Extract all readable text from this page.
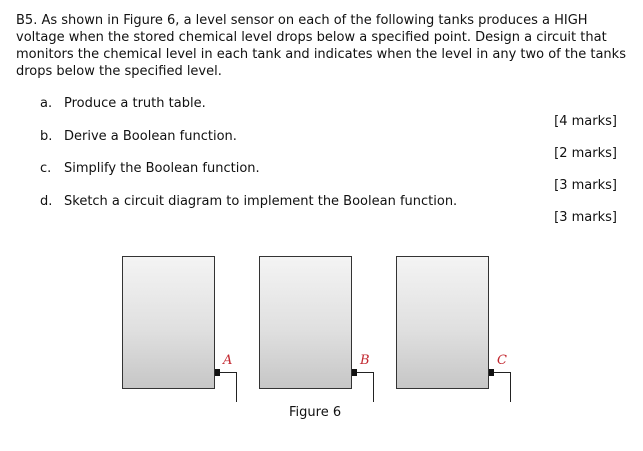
B5. As shown in Figure 6, a level sensor on each of the following tanks produces a HIGH voltage when the stored chemical level drops below a specified point. Design a circuit that monitors the chemical level in each tank and indicates when the level in any two of the tanks drops below the specified level.

a. Produce a truth table.
[4 marks]
b. Derive a Boolean function.
[2 marks]
c. Simplify the Boolean function.
[3 marks]
d. Sketch a circuit diagram to implement the Boolean function.
[3 marks]
A	B	C
Figure 6
